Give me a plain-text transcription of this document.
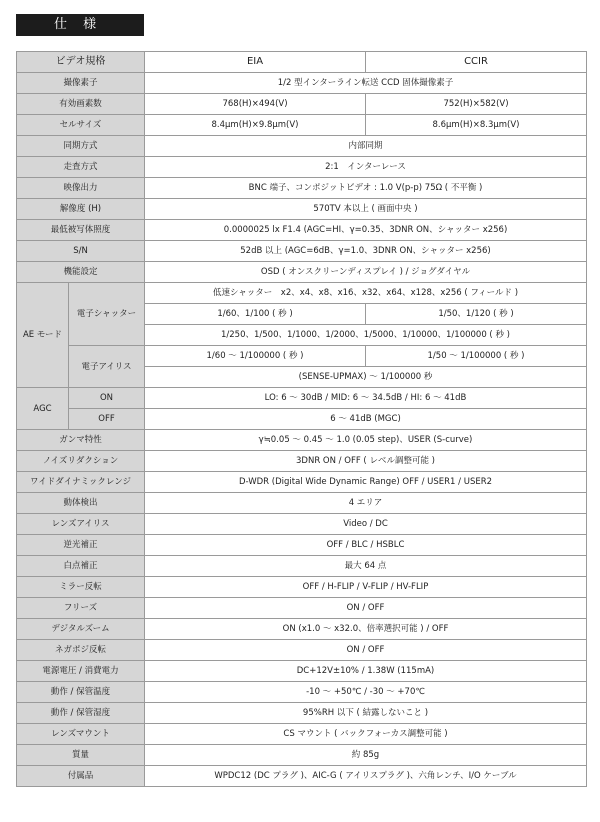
仕 様
ビデオ規格		EIA	CCIR
撮像素子		1/2 型インターライン転送 CCD 固体撮像素子	
有効画素数		768(H)×494(V)	752(H)×582(V)
セルサイズ		8.4μm(H)×9.8μm(V)	8.6μm(H)×8.3μm(V)
同期方式		内部同期	
走査方式		2:1　インターレース	
映像出力		BNC 端子、コンポジットビデオ : 1.0 V(p-p) 75Ω ( 不平衡 )	
解像度 (H)		570TV 本以上 ( 画面中央 )	
最低被写体照度		0.0000025 lx F1.4 (AGC=HI、γ=0.35、3DNR ON、シャッター x256)	
S/N		52dB 以上 (AGC=6dB、γ=1.0、3DNR ON、シャッター x256)	
機能設定		OSD ( オンスクリーンディスプレイ ) / ジョグダイヤル	
AE モード	電子シャッター	低速シャッター　x2、x4、x8、x16、x32、x64、x128、x256 ( フィールド )	
		1/60、1/100 ( 秒 )	1/50、1/120 ( 秒 )
		1/250、1/500、1/1000、1/2000、1/5000、1/10000、1/100000 ( 秒 )	
	電子アイリス	1/60 ～ 1/100000 ( 秒 )	1/50 ～ 1/100000 ( 秒 )
		(SENSE-UPMAX) ～ 1/100000 秒	
AGC	ON	LO: 6 ～ 30dB / MID: 6 ～ 34.5dB / HI: 6 ～ 41dB	
	OFF	6 ～ 41dB (MGC)	
ガンマ特性		γ≒0.05 ～ 0.45 ～ 1.0 (0.05 step)、USER (S-curve)	
ノイズリダクション		3DNR ON / OFF ( レベル調整可能 )	
ワイドダイナミックレンジ		D-WDR (Digital Wide Dynamic Range) OFF / USER1 / USER2	
動体検出		4 エリア	
レンズアイリス		Video / DC	
逆光補正		OFF / BLC / HSBLC	
白点補正		最大 64 点	
ミラー反転		OFF / H-FLIP / V-FLIP / HV-FLIP	
フリーズ		ON / OFF	
デジタルズーム		ON (x1.0 ～ x32.0、倍率選択可能 ) / OFF	
ネガポジ反転		ON / OFF	
電源電圧 / 消費電力		DC+12V±10% / 1.38W (115mA)	
動作 / 保管温度		-10 ～ +50℃ / -30 ～ +70℃	
動作 / 保管湿度		95%RH 以下 ( 結露しないこと )	
レンズマウント		CS マウント ( バックフォーカス調整可能 )	
質量		約 85g	
付属品		WPDC12 (DC プラグ )、AIC-G ( アイリスプラグ )、六角レンチ、I/O ケーブル	
